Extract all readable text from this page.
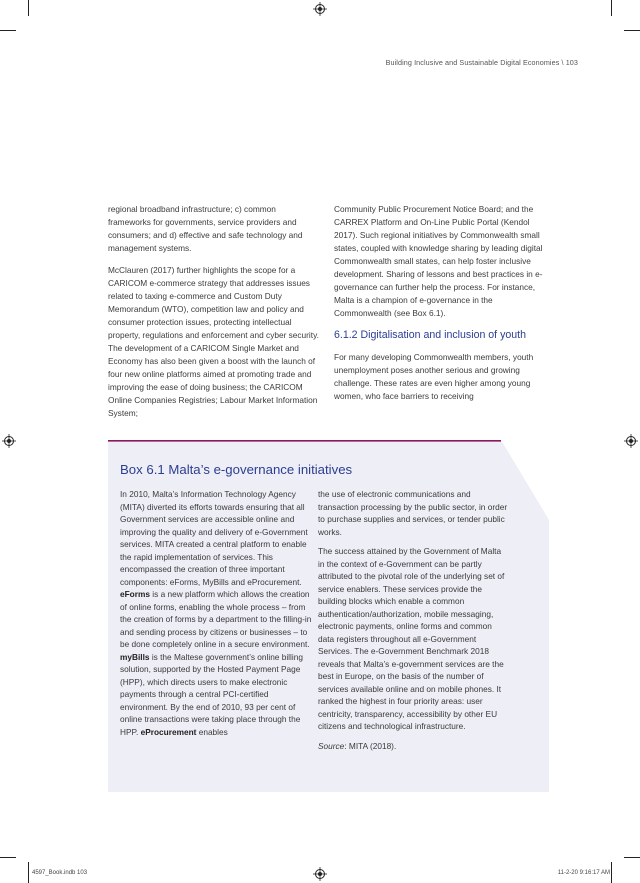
Building Inclusive and Sustainable Digital Economies \ 103

regional broadband infrastructure; c) common frameworks for governments, service providers and consumers; and d) effective and safe technology and management systems.

McClauren (2017) further highlights the scope for a CARICOM e-commerce strategy that addresses issues related to taxing e-commerce and Custom Duty Memorandum (WTO), competition law and policy and consumer protection issues, protecting intellectual property, regulations and enforcement and cyber security. The development of a CARICOM Single Market and Economy has also been given a boost with the launch of four new online platforms aimed at promoting trade and improving the ease of doing business; the CARICOM Online Companies Registries; Labour Market Information System;

Community Public Procurement Notice Board; and the CARREX Platform and On-Line Public Portal (Kendol 2017). Such regional initiatives by Commonwealth small states, coupled with knowledge sharing by leading digital Commonwealth small states, can help foster inclusive development. Sharing of lessons and best practices in e-governance can further help the process. For instance, Malta is a champion of e-governance in the Commonwealth (see Box 6.1).

6.1.2 Digitalisation and inclusion of youth

For many developing Commonwealth members, youth unemployment poses another serious and growing challenge. These rates are even higher among young women, who face barriers to receiving

Box 6.1 Malta’s e-governance initiatives

In 2010, Malta’s Information Technology Agency (MITA) diverted its efforts towards ensuring that all Government services are accessible online and improving the quality and delivery of e-Government services. MITA created a central platform to enable the rapid implementation of services. This encompassed the creation of three important components: eForms, MyBills and eProcurement. eForms is a new platform which allows the creation of online forms, enabling the whole process – from the creation of forms by a department to the filling-in and sending process by citizens or businesses – to be done completely online in a secure environment. myBills is the Maltese government’s online billing solution, supported by the Hosted Payment Page (HPP), which directs users to make electronic payments through a central PCI-certified environment. By the end of 2010, 93 per cent of online transactions were taking place through the HPP. eProcurement enables

the use of electronic communications and transaction processing by the public sector, in order to purchase supplies and services, or tender public works.

The success attained by the Government of Malta in the context of e-Government can be partly attributed to the pivotal role of the underlying set of service enablers. These services provide the building blocks which enable a common authentication/authorization, mobile messaging, electronic payments, online forms and common data registers throughout all e-Government Services. The e-Government Benchmark 2018 reveals that Malta’s e-government services are the best in Europe, on the basis of the number of services available online and on mobile phones. It ranked the highest in four priority areas: user centricity, transparency, accessibility by other EU citizens and technological infrastructure.

Source: MITA (2018).

4597_Book.indb 103	11-2-20 9:16:17 AM
